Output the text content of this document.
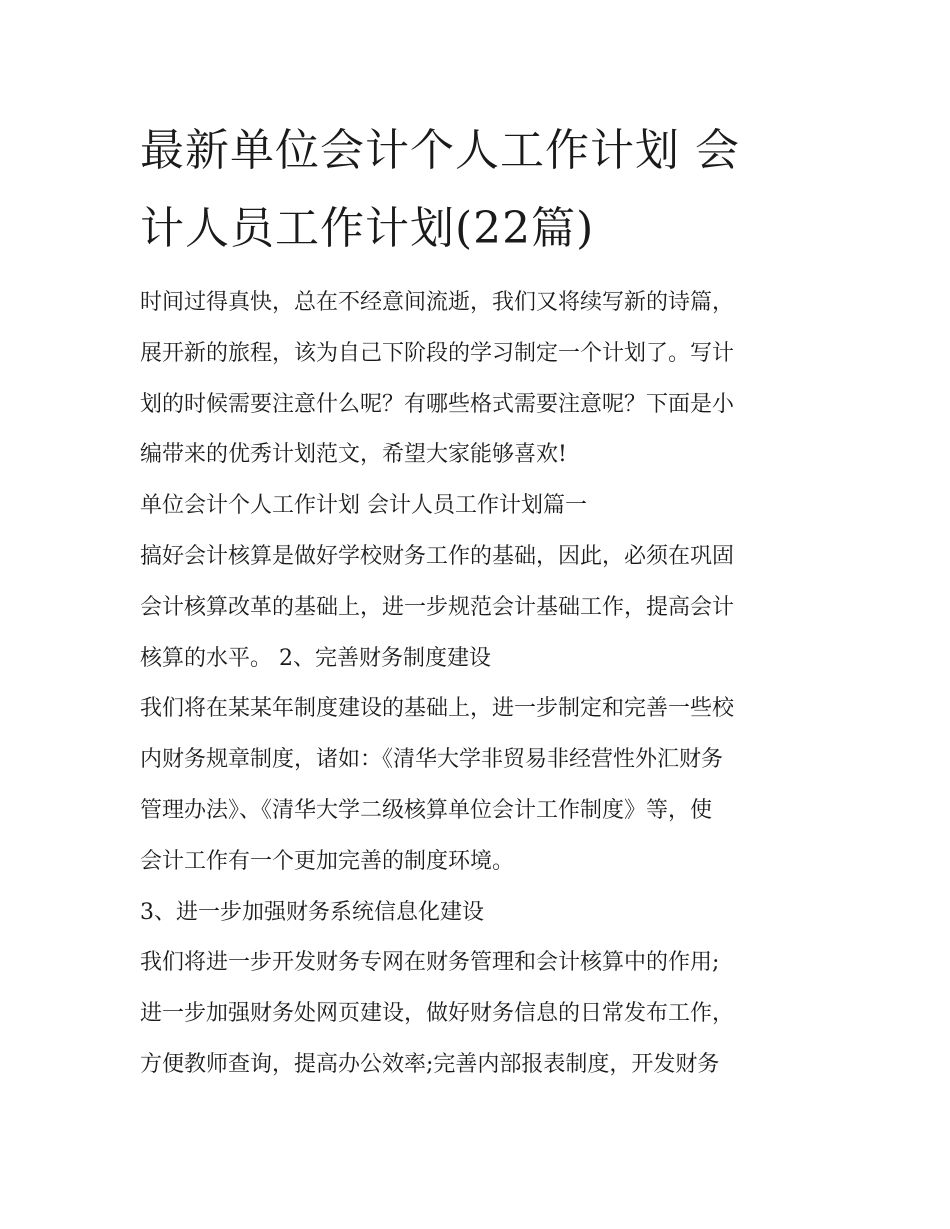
最新单位会计个人工作计划 会
计人员工作计划(22篇)
时间过得真快，总在不经意间流逝，我们又将续写新的诗篇，
展开新的旅程，该为自己下阶段的学习制定一个计划了。写计
划的时候需要注意什么呢？有哪些格式需要注意呢？下面是小
编带来的优秀计划范文，希望大家能够喜欢!
单位会计个人工作计划 会计人员工作计划篇一
搞好会计核算是做好学校财务工作的基础，因此，必须在巩固
会计核算改革的基础上，进一步规范会计基础工作，提高会计
核算的水平。 2、完善财务制度建设
我们将在某某年制度建设的基础上，进一步制定和完善一些校
内财务规章制度，诸如：《清华大学非贸易非经营性外汇财务
管理办法》、《清华大学二级核算单位会计工作制度》等，使
会计工作有一个更加完善的制度环境。
3、进一步加强财务系统信息化建设
我们将进一步开发财务专网在财务管理和会计核算中的作用;
进一步加强财务处网页建设，做好财务信息的日常发布工作，
方便教师查询，提高办公效率;完善内部报表制度，开发财务
